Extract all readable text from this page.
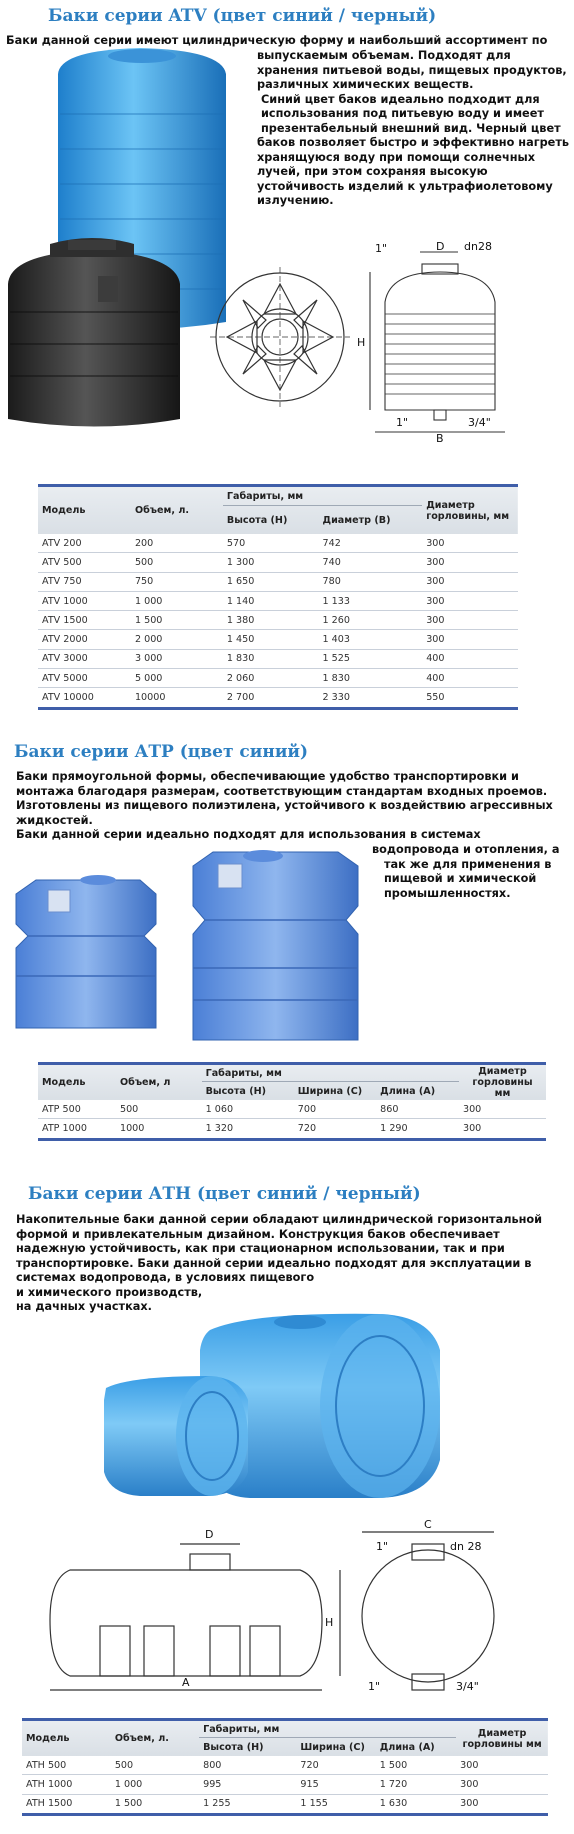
Баки серии ATV (цвет синий / черный)
Баки данной серии имеют цилиндрическую форму и наибольший ассортимент по
выпускаемым объемам. Подходят для
хранения питьевой воды, пищевых продуктов,
различных химических веществ.
Синий цвет баков идеально подходит для
использования под питьевую воду и имеет
презентабельный внешний вид. Черный цвет
баков позволяет быстро и эффективно нагреть
хранящуюся воду при помощи солнечных
лучей, при этом сохраняя высокую
устойчивость изделий к ультрафиолетовому
излучению.
1"	D dn28
H
1"
B
3/4"
Модель	Объем, л.	Габариты, мм		Диаметр горловины, мм
		Высота (H)	Диаметр (B)	
ATV 200	200	570	742	300
ATV 500	500	1 300	740	300
ATV 750	750	1 650	780	300
ATV 1000	1 000	1 140	1 133	300
ATV 1500	1 500	1 380	1 260	300
ATV 2000	2 000	1 450	1 403	300
ATV 3000	3 000	1 830	1 525	400
ATV 5000	5 000	2 060	1 830	400
ATV 10000	10000	2 700	2 330	550
Баки серии АТР (цвет синий)
Баки прямоугольной формы, обеспечивающие удобство транспортировки и
монтажа благодаря размерам, соответствующим стандартам входных проемов.
Изготовлены из пищевого полиэтилена, устойчивого к воздействию агрессивных
жидкостей.
Баки данной серии идеально подходят для использования в системах
водопровода и отопления, а
так же для применения в
пищевой и химической
промышленностях.
Модель	Объем, л	Габариты, мм			Диаметр горловины мм
		Высота (H)	Ширина (C)	Длина (A)	
ATP 500	500	1 060	700	860	300
ATP 1000	1000	1 320	720	1 290	300
Баки серии АТН (цвет синий / черный)
Накопительные баки данной серии обладают цилиндрической горизонтальной
формой и привлекательным дизайном. Конструкция баков обеспечивает
надежную устойчивость, как при стационарном использовании, так и при
транспортировке. Баки данной серии идеально подходят для эксплуатации в
системах водопровода, в условиях пищевого
и химического производств,
на дачных участках.
D
H
A
C
1"	dn 28
1"	3/4"
Модель	Объем, л.	Габариты, мм			Диаметр горловины мм
		Высота (H)	Ширина (C)	Длина (A)	
ATH 500	500	800	720	1 500	300
ATH 1000	1 000	995	915	1 720	300
ATH 1500	1 500	1 255	1 155	1 630	300
